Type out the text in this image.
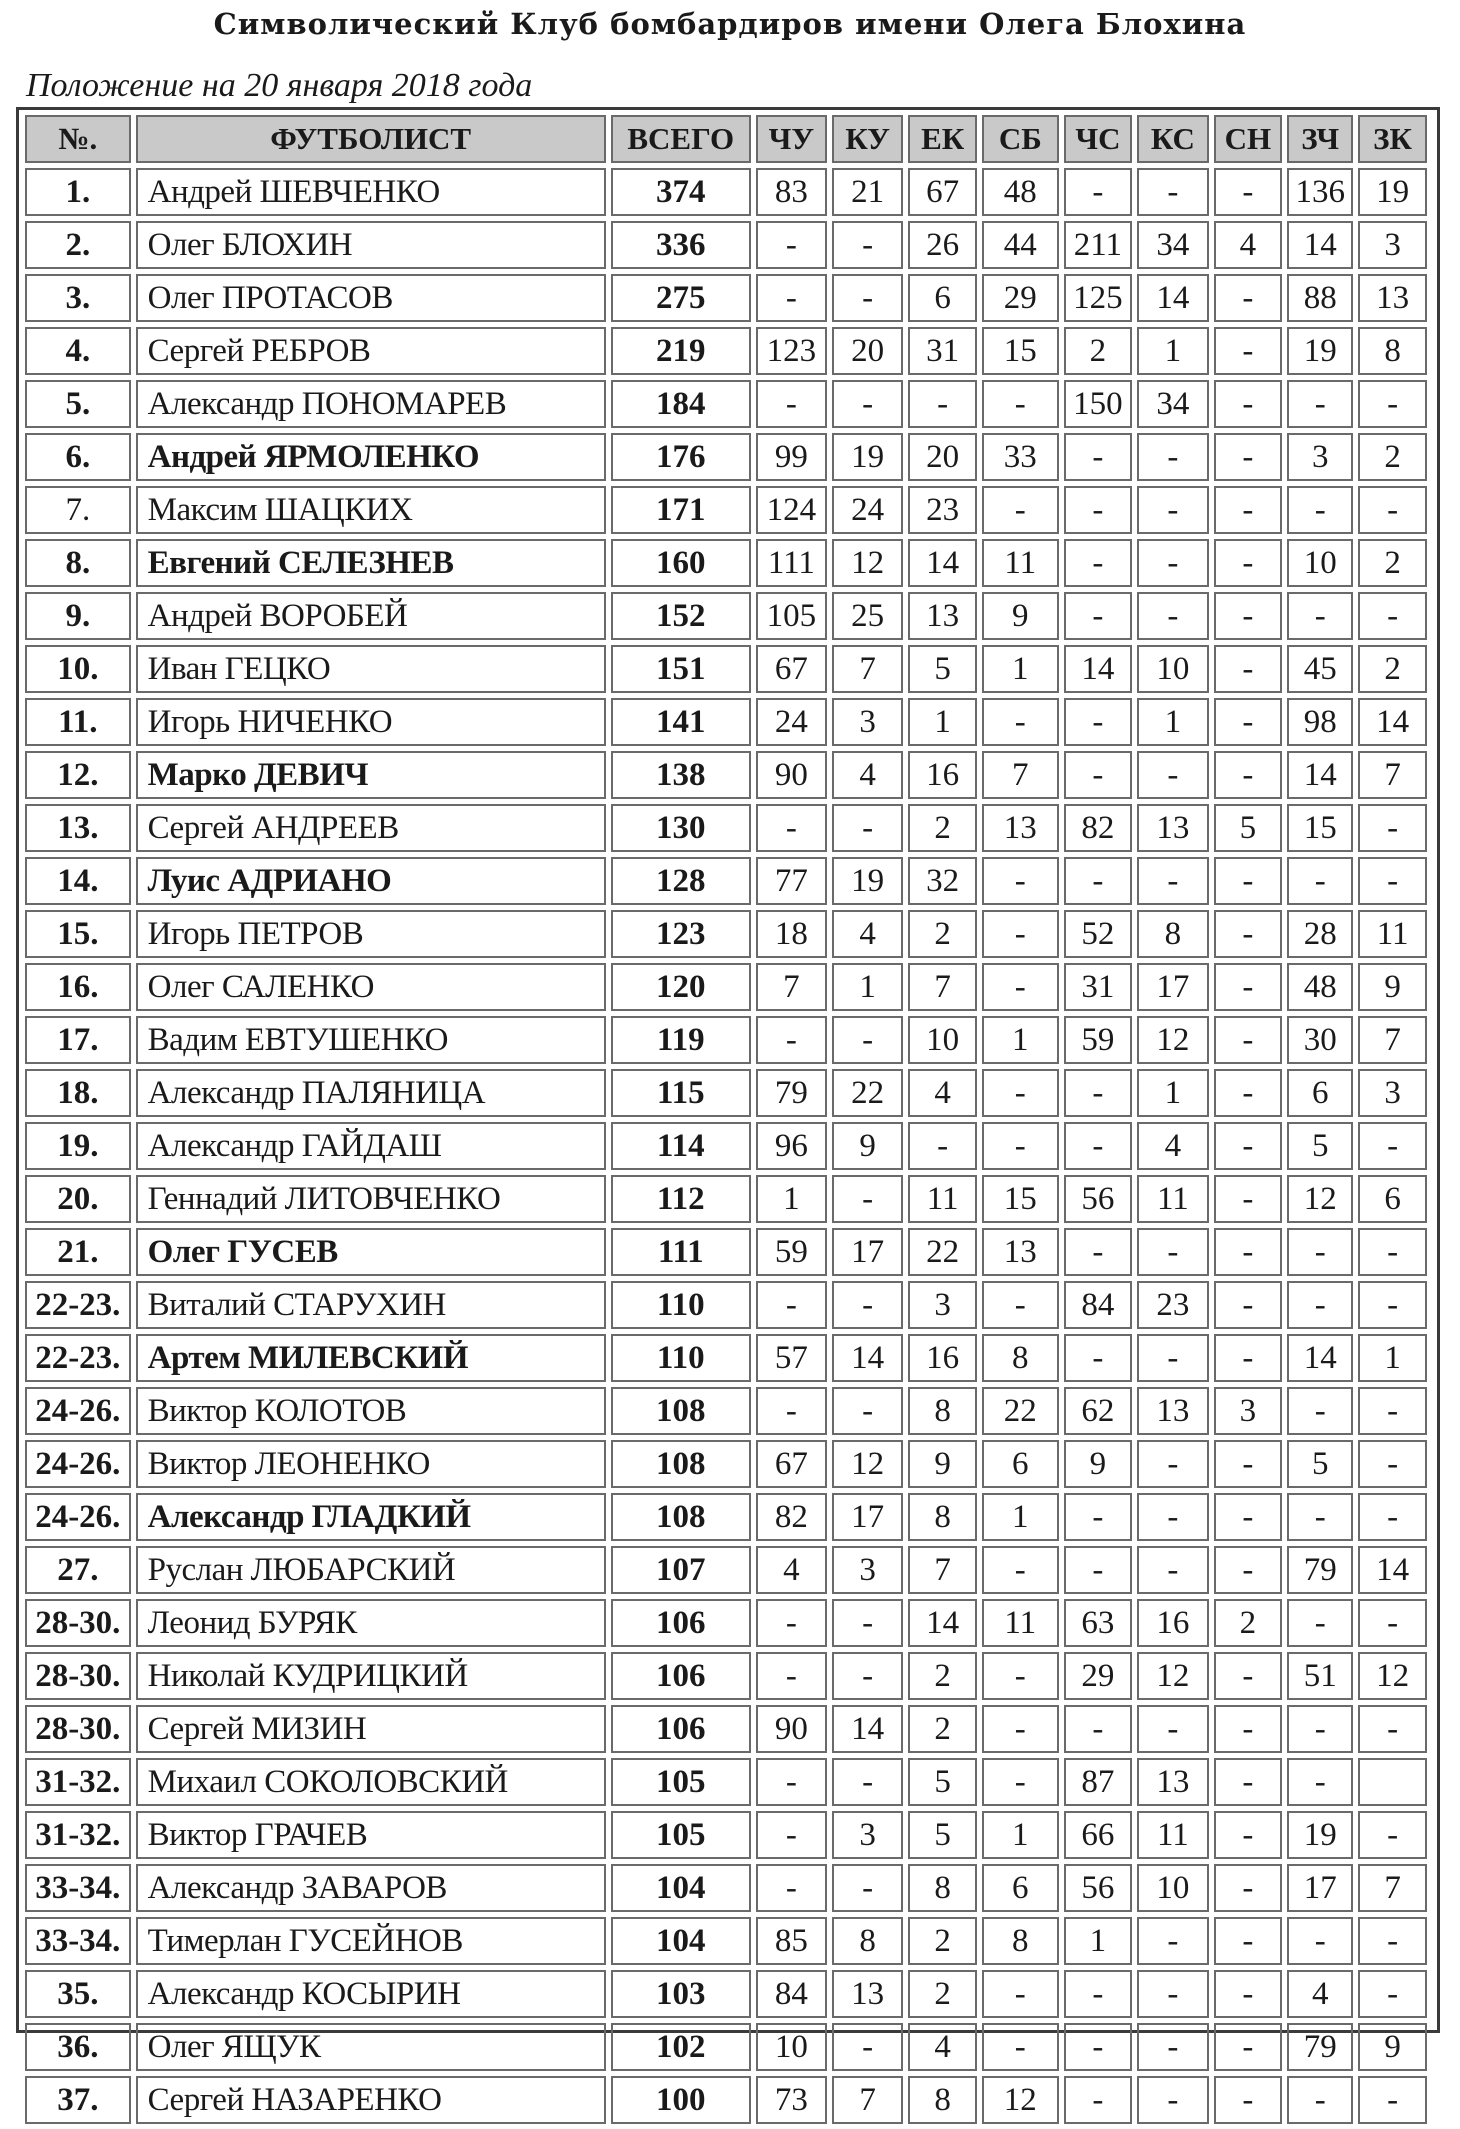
Символический Клуб бомбардиров имени Олега Блохина
Положение на 20 января 2018 года
№.	ФУТБОЛИСТ	ВСЕГО	ЧУ	КУ	ЕК	СБ	ЧС	КС	СН	ЗЧ	ЗК
1.	Андрей ШЕВЧЕНКО	374	83	21	67	48	-	-	-	136	19
2.	Олег БЛОХИН	336	-	-	26	44	211	34	4	14	3
3.	Олег ПРОТАСОВ	275	-	-	6	29	125	14	-	88	13
4.	Сергей РЕБРОВ	219	123	20	31	15	2	1	-	19	8
5.	Александр ПОНОМАРЕВ	184	-	-	-	-	150	34	-	-	-
6.	Андрей ЯРМОЛЕНКО	176	99	19	20	33	-	-	-	3	2
7.	Максим ШАЦКИХ	171	124	24	23	-	-	-	-	-	-
8.	Евгений СЕЛЕЗНЕВ	160	111	12	14	11	-	-	-	10	2
9.	Андрей ВОРОБЕЙ	152	105	25	13	9	-	-	-	-	-
10.	Иван ГЕЦКО	151	67	7	5	1	14	10	-	45	2
11.	Игорь НИЧЕНКО	141	24	3	1	-	-	1	-	98	14
12.	Марко ДЕВИЧ	138	90	4	16	7	-	-	-	14	7
13.	Сергей АНДРЕЕВ	130	-	-	2	13	82	13	5	15	-
14.	Луис АДРИАНО	128	77	19	32	-	-	-	-	-	-
15.	Игорь ПЕТРОВ	123	18	4	2	-	52	8	-	28	11
16.	Олег САЛЕНКО	120	7	1	7	-	31	17	-	48	9
17.	Вадим ЕВТУШЕНКО	119	-	-	10	1	59	12	-	30	7
18.	Александр ПАЛЯНИЦА	115	79	22	4	-	-	1	-	6	3
19.	Александр ГАЙДАШ	114	96	9	-	-	-	4	-	5	-
20.	Геннадий ЛИТОВЧЕНКО	112	1	-	11	15	56	11	-	12	6
21.	Олег ГУСЕВ	111	59	17	22	13	-	-	-	-	-
22-23.	Виталий СТАРУХИН	110	-	-	3	-	84	23	-	-	-
22-23.	Артем МИЛЕВСКИЙ	110	57	14	16	8	-	-	-	14	1
24-26.	Виктор КОЛОТОВ	108	-	-	8	22	62	13	3	-	-
24-26.	Виктор ЛЕОНЕНКО	108	67	12	9	6	9	-	-	5	-
24-26.	Александр ГЛАДКИЙ	108	82	17	8	1	-	-	-	-	-
27.	Руслан ЛЮБАРСКИЙ	107	4	3	7	-	-	-	-	79	14
28-30.	Леонид БУРЯК	106	-	-	14	11	63	16	2	-	-
28-30.	Николай КУДРИЦКИЙ	106	-	-	2	-	29	12	-	51	12
28-30.	Сергей МИЗИН	106	90	14	2	-	-	-	-	-	-
31-32.	Михаил СОКОЛОВСКИЙ	105	-	-	5	-	87	13	-	-	
31-32.	Виктор ГРАЧЕВ	105	-	3	5	1	66	11	-	19	-
33-34.	Александр ЗАВАРОВ	104	-	-	8	6	56	10	-	17	7
33-34.	Тимерлан ГУСЕЙНОВ	104	85	8	2	8	1	-	-	-	-
35.	Александр КОСЫРИН	103	84	13	2	-	-	-	-	4	-
36.	Олег ЯЩУК	102	10	-	4	-	-	-	-	79	9
37.	Сергей НАЗАРЕНКО	100	73	7	8	12	-	-	-	-	-
